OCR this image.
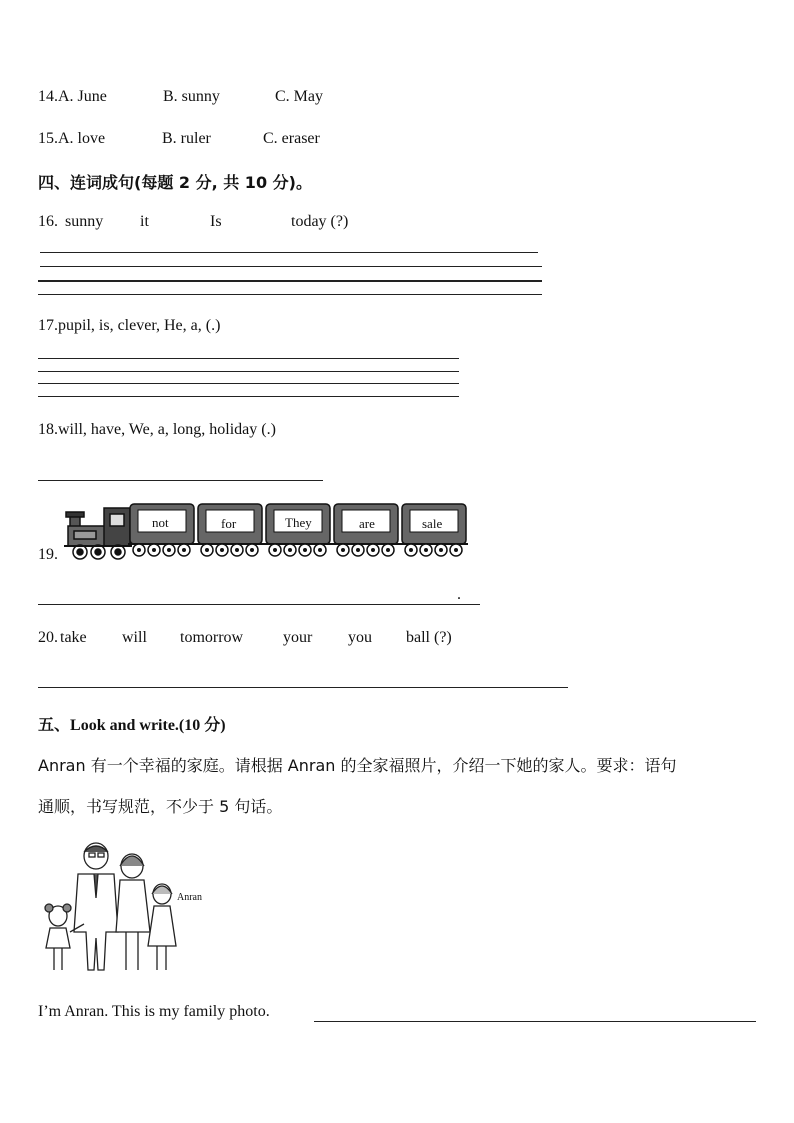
14.A. June	B. sunny	C. May
15.A. love	B. ruler	C. eraser
四、连词成句(每题 2 分, 共 10 分)。
16. sunny it	Is	today (?)
17.pupil, is, clever, He, a, (.)
18.will, have, We, a, long, holiday (.)
19.
not	for	They	are	sale
.
20. take will tomorrow your you ball (?)
五、Look and write.(10 分)
Anran 有一个幸福的家庭。请根据 Anran 的全家福照片，介绍一下她的家人。要求：语句
通顺，书写规范，不少于 5 句话。
Anran
I’m Anran. This is my family photo.
